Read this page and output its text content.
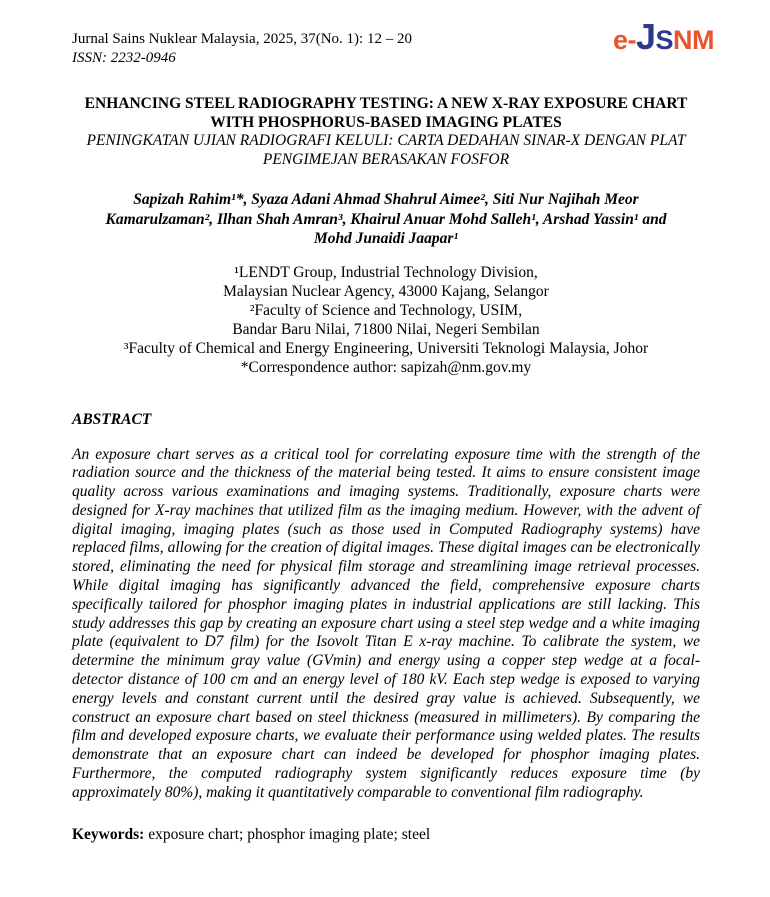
Jurnal Sains Nuklear Malaysia, 2025, 37(No. 1): 12 – 20
ISSN: 2232-0946
e-JSNM
ENHANCING STEEL RADIOGRAPHY TESTING: A NEW X-RAY EXPOSURE CHART
WITH PHOSPHORUS-BASED IMAGING PLATES
PENINGKATAN UJIAN RADIOGRAFI KELULI: CARTA DEDAHAN SINAR-X DENGAN PLAT
PENGIMEJAN BERASAKAN FOSFOR
Sapizah Rahim¹*, Syaza Adani Ahmad Shahrul Aimee², Siti Nur Najihah Meor
Kamarulzaman², Ilhan Shah Amran³, Khairul Anuar Mohd Salleh¹, Arshad Yassin¹ and
Mohd Junaidi Jaapar¹
¹LENDT Group, Industrial Technology Division,
Malaysian Nuclear Agency, 43000 Kajang, Selangor
²Faculty of Science and Technology, USIM,
Bandar Baru Nilai, 71800 Nilai, Negeri Sembilan
³Faculty of Chemical and Energy Engineering, Universiti Teknologi Malaysia, Johor
*Correspondence author: sapizah@nm.gov.my
ABSTRACT
An exposure chart serves as a critical tool for correlating exposure time with the strength of the radiation source and the thickness of the material being tested. It aims to ensure consistent image quality across various examinations and imaging systems. Traditionally, exposure charts were designed for X-ray machines that utilized film as the imaging medium. However, with the advent of digital imaging, imaging plates (such as those used in Computed Radiography systems) have replaced films, allowing for the creation of digital images. These digital images can be electronically stored, eliminating the need for physical film storage and streamlining image retrieval processes. While digital imaging has significantly advanced the field, comprehensive exposure charts specifically tailored for phosphor imaging plates in industrial applications are still lacking. This study addresses this gap by creating an exposure chart using a steel step wedge and a white imaging plate (equivalent to D7 film) for the Isovolt Titan E x-ray machine. To calibrate the system, we determine the minimum gray value (GVmin) and energy using a copper step wedge at a focal-detector distance of 100 cm and an energy level of 180 kV. Each step wedge is exposed to varying energy levels and constant current until the desired gray value is achieved. Subsequently, we construct an exposure chart based on steel thickness (measured in millimeters). By comparing the film and developed exposure charts, we evaluate their performance using welded plates. The results demonstrate that an exposure chart can indeed be developed for phosphor imaging plates. Furthermore, the computed radiography system significantly reduces exposure time (by approximately 80%), making it quantitatively comparable to conventional film radiography.
Keywords: exposure chart; phosphor imaging plate; steel
